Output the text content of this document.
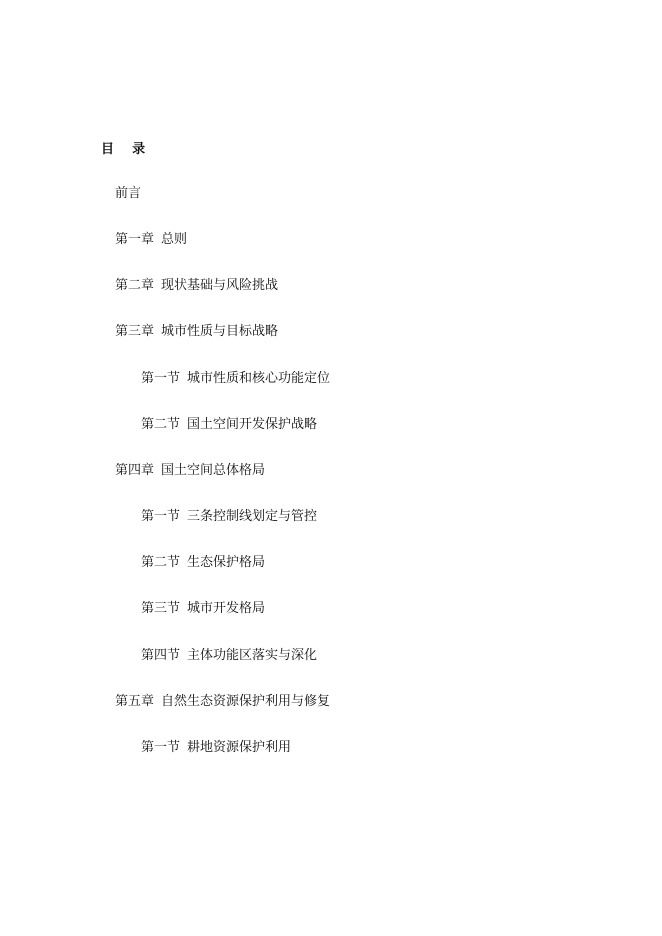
目    录
前言
第一章 总则
第二章 现状基础与风险挑战
第三章 城市性质与目标战略
第一节 城市性质和核心功能定位
第二节 国土空间开发保护战略
第四章 国土空间总体格局
第一节 三条控制线划定与管控
第二节 生态保护格局
第三节 城市开发格局
第四节 主体功能区落实与深化
第五章 自然生态资源保护利用与修复
第一节 耕地资源保护利用
